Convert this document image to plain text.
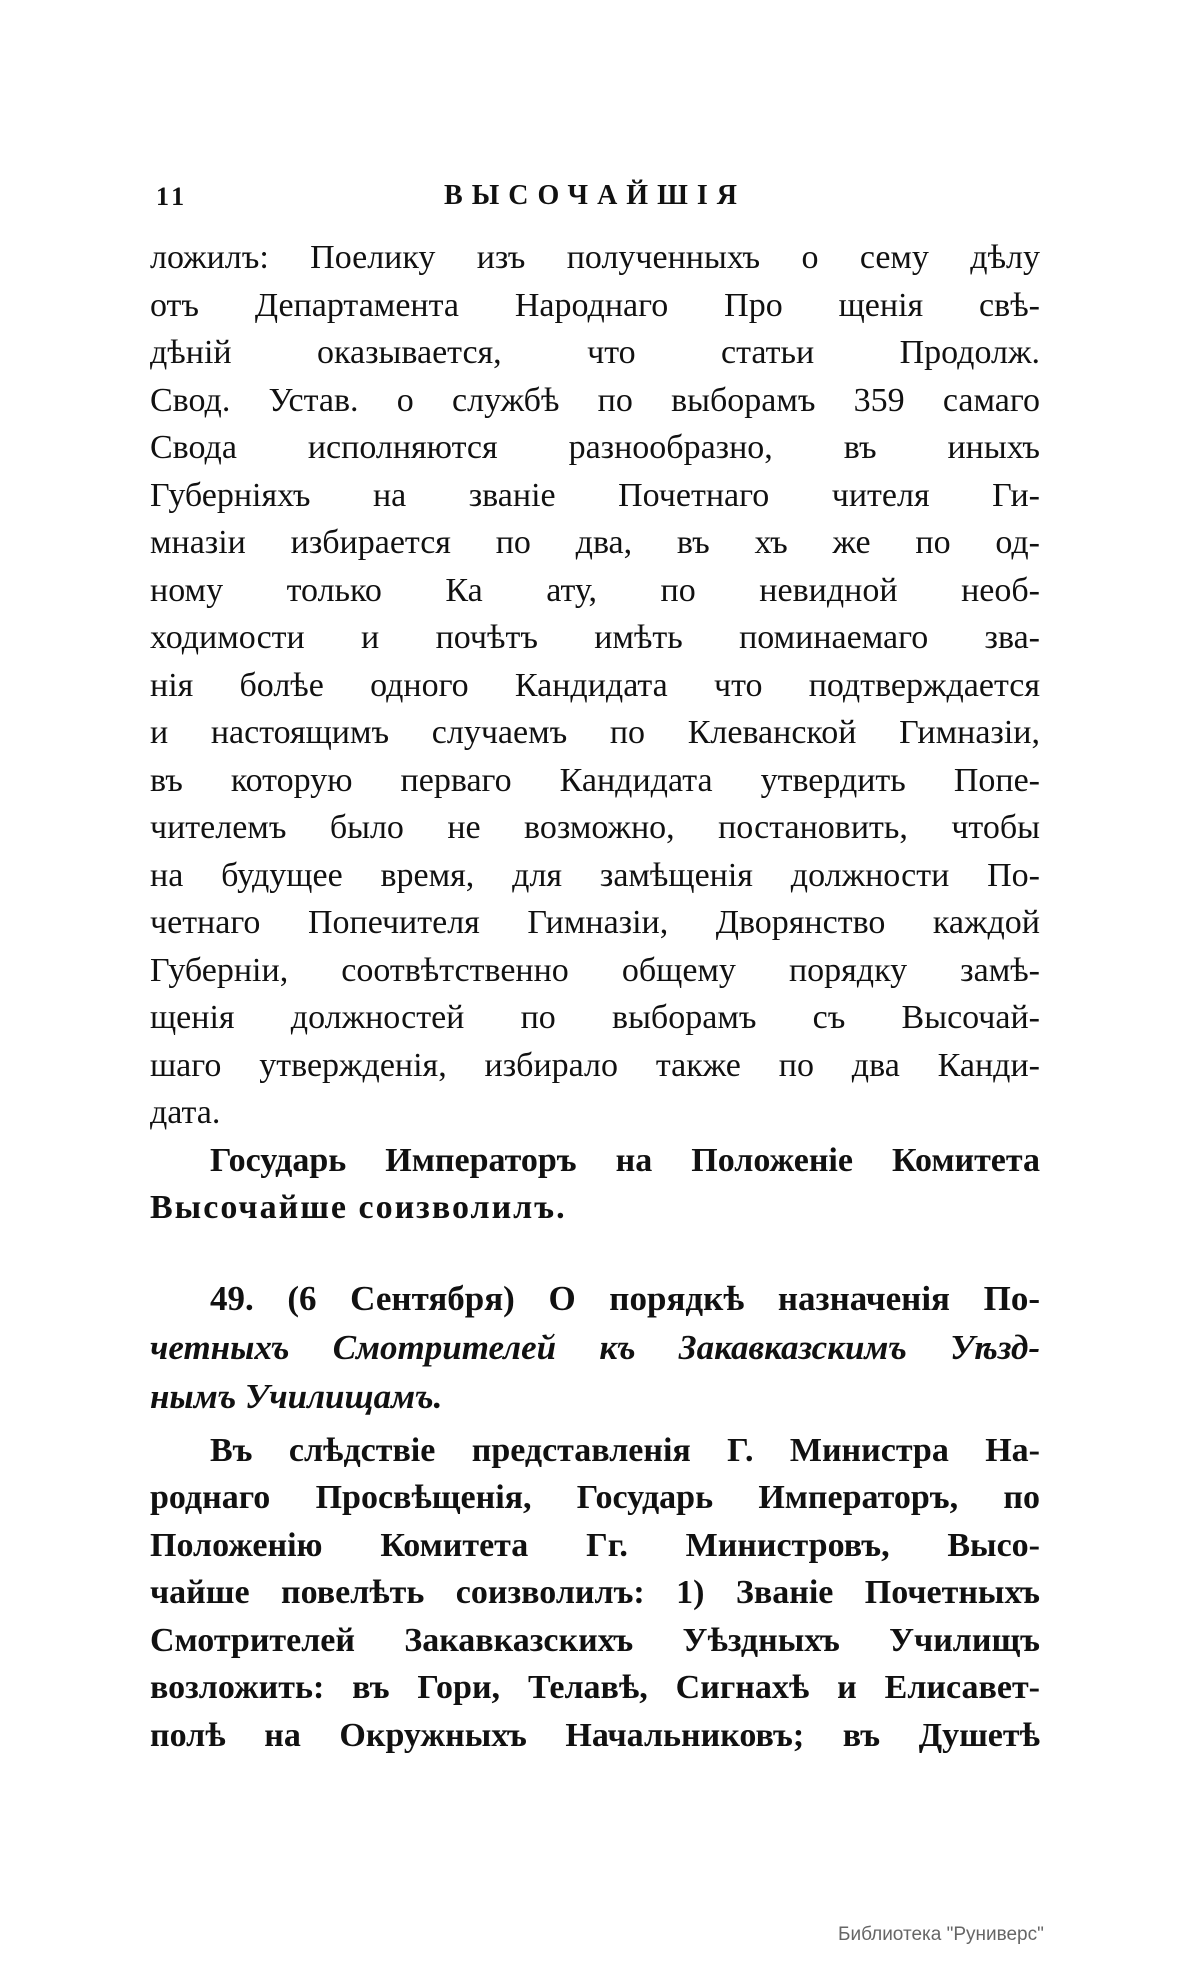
1 1	ВЫСОЧАЙШІЯ
ложилъ: Поелику изъ полученныхъ о сему дѣлу
отъ Департамента Народнаго Про щенія свѣ-
дѣній оказывается, что статьи Продолж.
Свод. Устав. о службѣ по выборамъ 359 самаго
Свода исполняются разнообразно, въ иныхъ
Губерніяхъ на званіе Почетнаго чителя Ги-
мназіи избирается по два, въ хъ же по од-
ному только Ка ату, по невидной необ-
ходимости и почѣтъ имѣть поминаемаго зва-
нія болѣе одного Кандидата что подтверждается
и настоящимъ случаемъ по Клеванской Гимназіи,
въ которую перваго Кандидата утвердить Попе-
чителемъ было не возможно, постановить, чтобы
на будущее время, для замѣщенія должности По-
четнаго Попечителя Гимназіи, Дворянство каждой
Губерніи, соотвѣтственно общему порядку замѣ-
щенія должностей по выборамъ съ Высочай-
шаго утвержденія, избирало также по два Канди-
дата.
Государь Императоръ на Положеніе Комитета
Высочайше соизволилъ.
49. (6 Сентября) О порядкѣ назначенія По-
четныхъ Смотрителей къ Закавказскимъ Уѣзд-
нымъ Училищамъ.
Въ слѣдствіе представленія Г. Министра На-
роднаго Просвѣщенія, Государь Императоръ, по
Положенію Комитета Гг. Министровъ, Высо-
чайше повелѣть соизволилъ: 1) Званіе Почетныхъ
Смотрителей Закавказскихъ Уѣздныхъ Училищъ
возложить: въ Гори, Телавѣ, Сигнахѣ и Елисавет-
полѣ на Окружныхъ Начальниковъ; въ Душетѣ
Библиотека "Руниверс"
